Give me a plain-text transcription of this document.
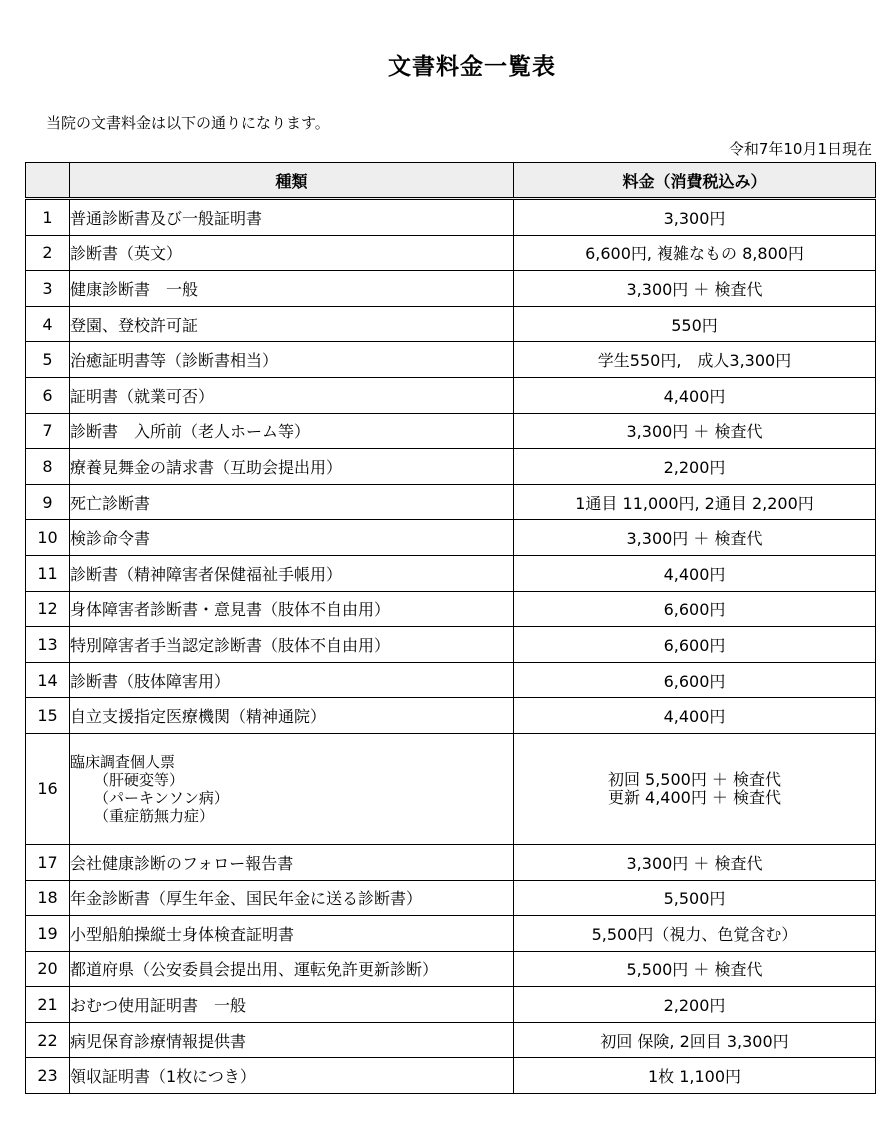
文書料金一覧表
当院の文書料金は以下の通りになります。
令和7年10月1日現在
	種類	料金（消費税込み）
1	普通診断書及び一般証明書	3,300円
2	診断書（英文）	6,600円, 複雑なもの 8,800円
3	健康診断書　一般	3,300円 ＋ 検査代
4	登園、登校許可証	550円
5	治癒証明書等（診断書相当）	学生550円,　成人3,300円
6	証明書（就業可否）	4,400円
7	診断書　入所前（老人ホーム等）	3,300円 ＋ 検査代
8	療養見舞金の請求書（互助会提出用）	2,200円
9	死亡診断書	1通目 11,000円, 2通目 2,200円
10	検診命令書	3,300円 ＋ 検査代
11	診断書（精神障害者保健福祉手帳用）	4,400円
12	身体障害者診断書・意見書（肢体不自由用）	6,600円
13	特別障害者手当認定診断書（肢体不自由用）	6,600円
14	診断書（肢体障害用）	6,600円
15	自立支援指定医療機関（精神通院）	4,400円
16	臨床調査個人票
（肝硬変等）
（パーキンソン病）
（重症筋無力症）	初回 5,500円 ＋ 検査代
更新 4,400円 ＋ 検査代

17	会社健康診断のフォロー報告書	3,300円 ＋ 検査代
18	年金診断書（厚生年金、国民年金に送る診断書）	5,500円
19	小型船舶操縦士身体検査証明書	5,500円（視力、色覚含む）
20	都道府県（公安委員会提出用、運転免許更新診断）	5,500円 ＋ 検査代
21	おむつ使用証明書　一般	2,200円
22	病児保育診療情報提供書	初回 保険, 2回目 3,300円
23	領収証明書（1枚につき）	1枚 1,100円
